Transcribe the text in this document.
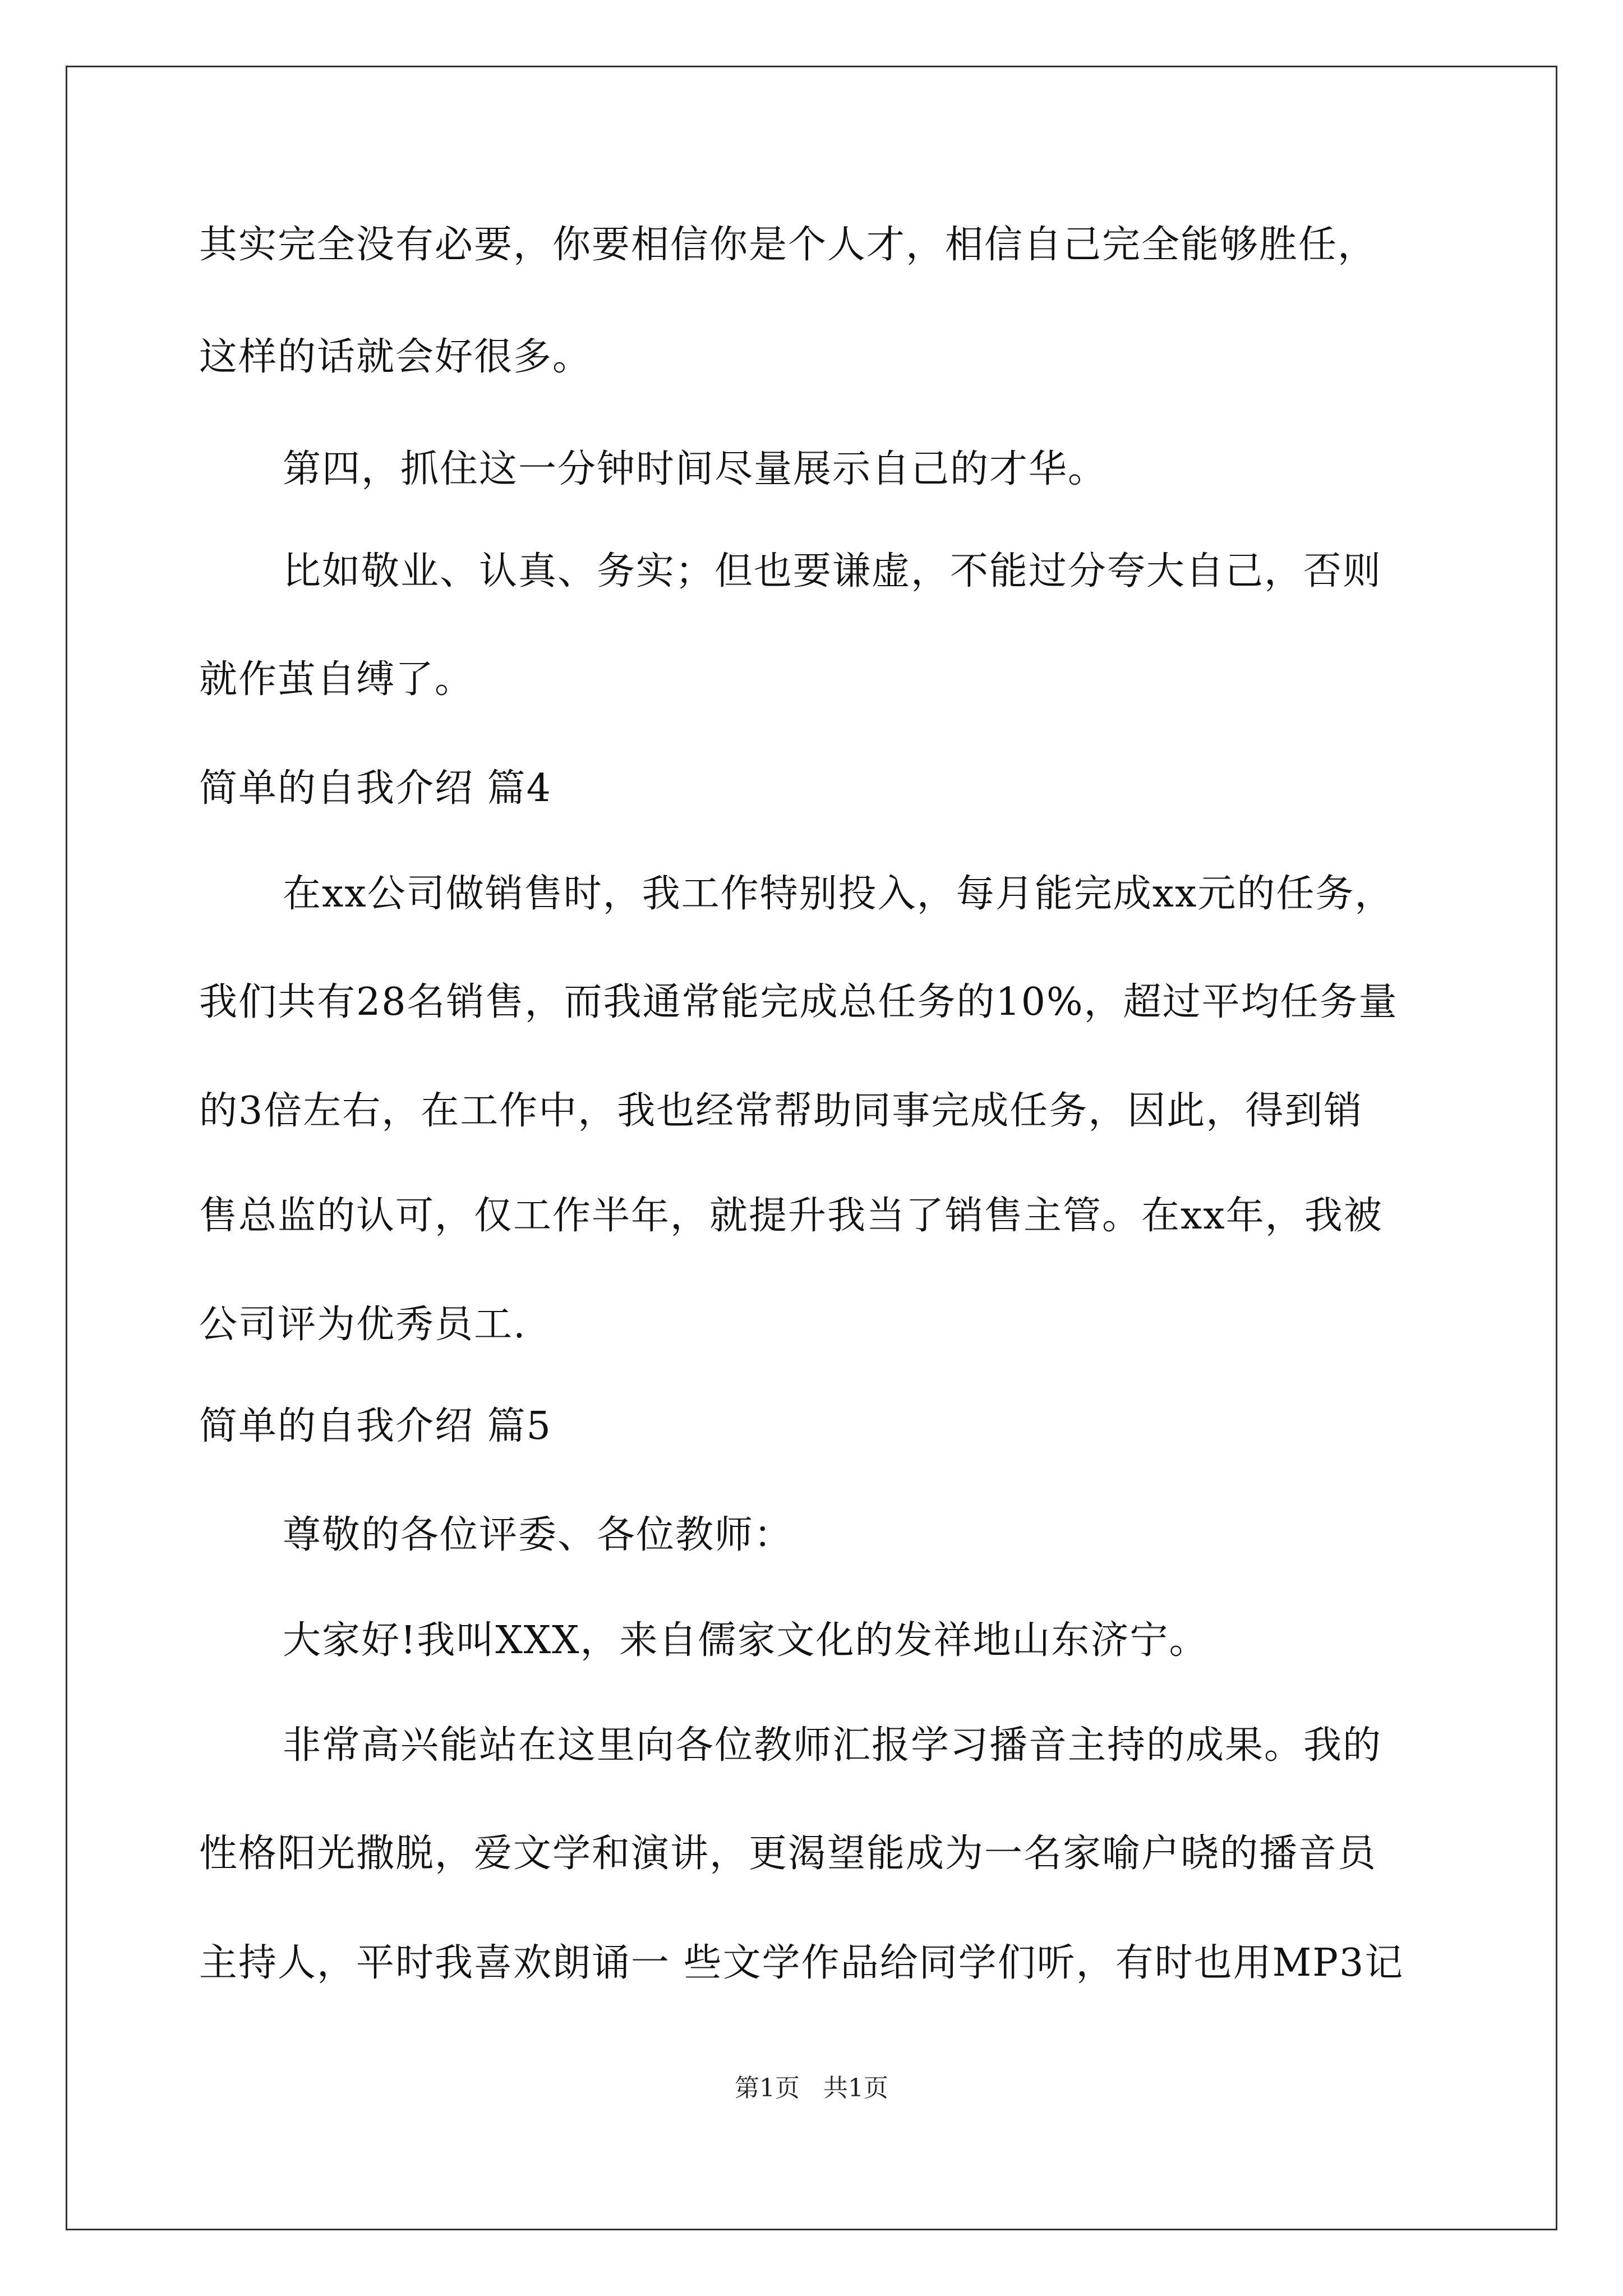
其实完全没有必要，你要相信你是个人才，相信自己完全能够胜任，
这样的话就会好很多。
第四，抓住这一分钟时间尽量展示自己的才华。
比如敬业、认真、务实；但也要谦虚，不能过分夸大自己，否则
就作茧自缚了。
简单的自我介绍 篇4
在xx公司做销售时，我工作特别投入，每月能完成xx元的任务，
我们共有28名销售，而我通常能完成总任务的10%，超过平均任务量
的3倍左右，在工作中，我也经常帮助同事完成任务，因此，得到销
售总监的认可，仅工作半年，就提升我当了销售主管。在xx年，我被
公司评为优秀员工.
简单的自我介绍 篇5
尊敬的各位评委、各位教师：
大家好!我叫XXX，来自儒家文化的发祥地山东济宁。
非常高兴能站在这里向各位教师汇报学习播音主持的成果。我的
性格阳光撒脱，爱文学和演讲，更渴望能成为一名家喻户晓的播音员
主持人，平时我喜欢朗诵一 些文学作品给同学们听，有时也用MP3记
第1页   共1页
